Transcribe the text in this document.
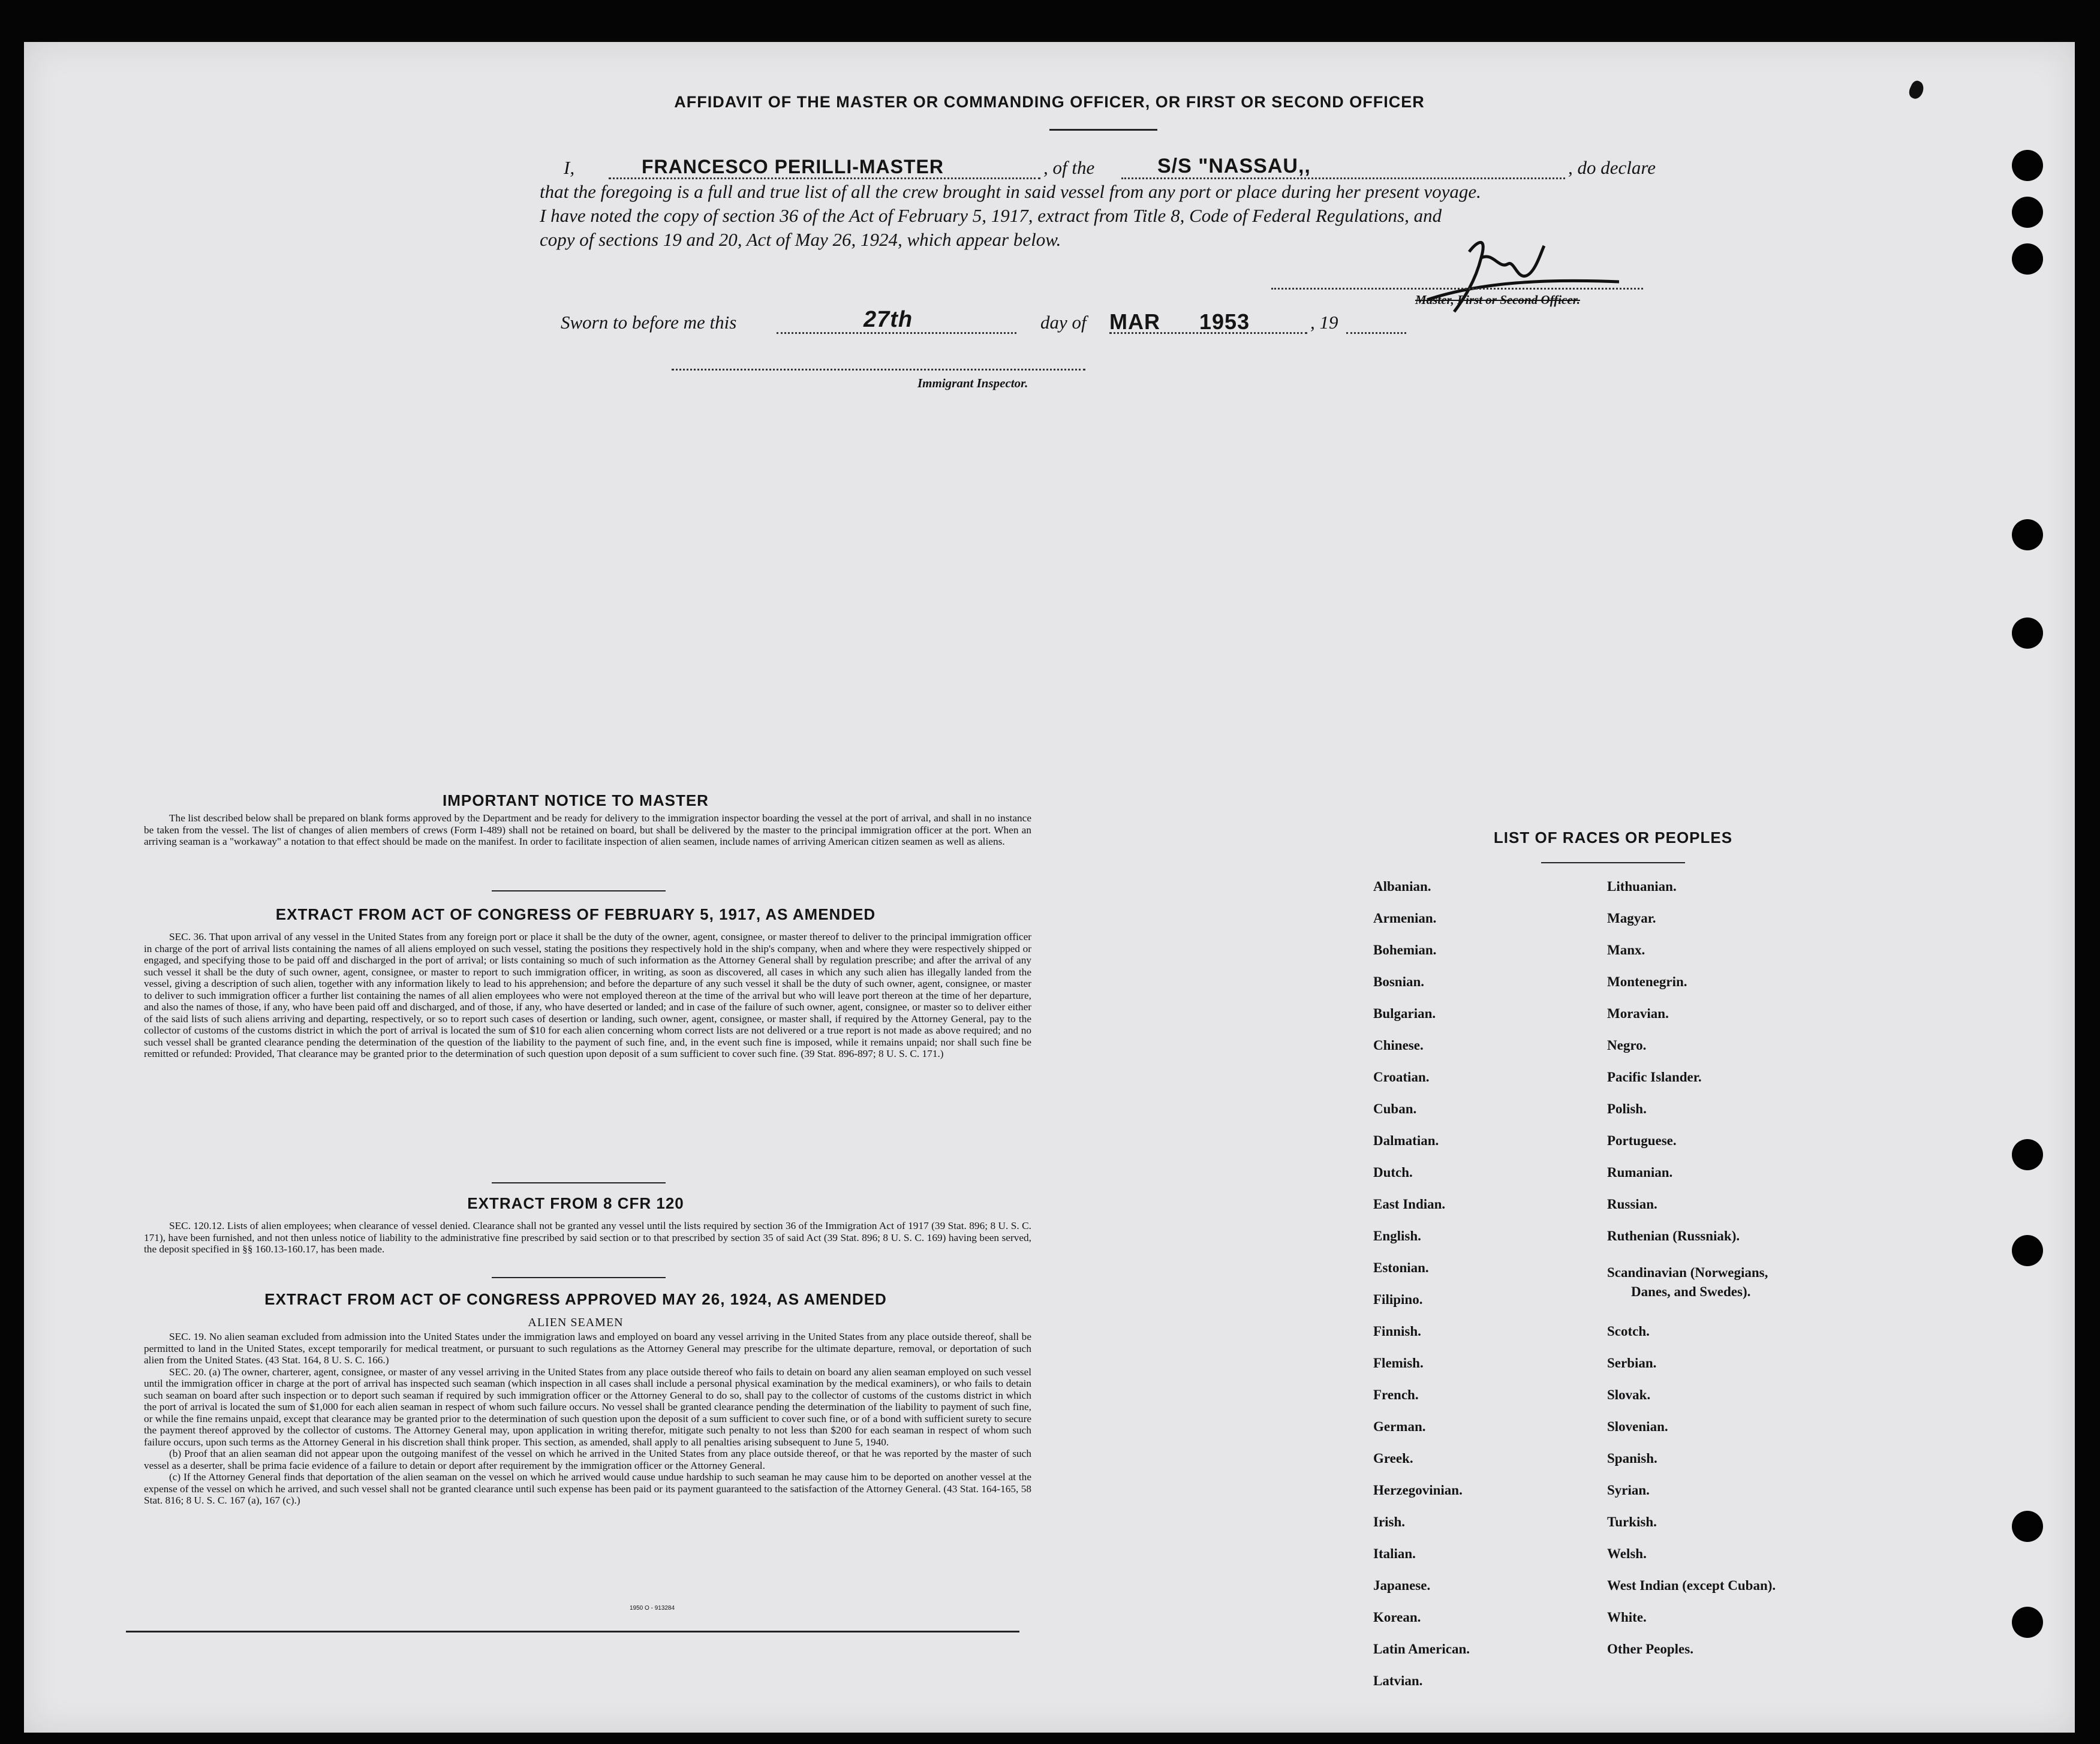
AFFIDAVIT OF THE MASTER OR COMMANDING OFFICER, OR FIRST OR SECOND OFFICER
I,	FRANCESCO PERILLI-MASTER	, of the	S/S "NASSAU,,	, do declare
that the foregoing is a full and true list of all the crew brought in said vessel from any port or place during her present voyage.
I have noted the copy of section 36 of the Act of February 5, 1917, extract from Title 8, Code of Federal Regulations, and
copy of sections 19 and 20, Act of May 26, 1924, which appear below.
Master, First or Second Officer.
Sworn to before me this	27th	day of MAR 1953	, 19
Immigrant Inspector.
IMPORTANT NOTICE TO MASTER

The list described below shall be prepared on blank forms approved by the Department and be ready for delivery to the immigration inspector boarding the vessel at the port of arrival, and shall in no instance be taken from the vessel. The list of changes of alien members of crews (Form I-489) shall not be retained on board, but shall be delivered by the master to the principal immigration officer at the port. When an arriving seaman is a "workaway" a notation to that effect should be made on the manifest. In order to facilitate inspection of alien seamen, include names of arriving American citizen seamen as well as aliens.

EXTRACT FROM ACT OF CONGRESS OF FEBRUARY 5, 1917, AS AMENDED

SEC. 36. That upon arrival of any vessel in the United States from any foreign port or place it shall be the duty of the owner, agent, consignee, or master thereof to deliver to the principal immigration officer in charge of the port of arrival lists containing the names of all aliens employed on such vessel, stating the positions they respectively hold in the ship's company, when and where they were respectively shipped or engaged, and specifying those to be paid off and discharged in the port of arrival; or lists containing so much of such information as the Attorney General shall by regulation prescribe; and after the arrival of any such vessel it shall be the duty of such owner, agent, consignee, or master to report to such immigration officer, in writing, as soon as discovered, all cases in which any such alien has illegally landed from the vessel, giving a description of such alien, together with any information likely to lead to his apprehension; and before the departure of any such vessel it shall be the duty of such owner, agent, consignee, or master to deliver to such immigration officer a further list containing the names of all alien employees who were not employed thereon at the time of the arrival but who will leave port thereon at the time of her departure, and also the names of those, if any, who have been paid off and discharged, and of those, if any, who have deserted or landed; and in case of the failure of such owner, agent, consignee, or master so to deliver either of the said lists of such aliens arriving and departing, respectively, or so to report such cases of desertion or landing, such owner, agent, consignee, or master shall, if required by the Attorney General, pay to the collector of customs of the customs district in which the port of arrival is located the sum of $10 for each alien concerning whom correct lists are not delivered or a true report is not made as above required; and no such vessel shall be granted clearance pending the determination of the question of the liability to the payment of such fine, and, in the event such fine is imposed, while it remains unpaid; nor shall such fine be remitted or refunded: Provided, That clearance may be granted prior to the determination of such question upon deposit of a sum sufficient to cover such fine. (39 Stat. 896-897; 8 U. S. C. 171.)

EXTRACT FROM 8 CFR 120

SEC. 120.12. Lists of alien employees; when clearance of vessel denied. Clearance shall not be granted any vessel until the lists required by section 36 of the Immigration Act of 1917 (39 Stat. 896; 8 U. S. C. 171), have been furnished, and not then unless notice of liability to the administrative fine prescribed by said section or to that prescribed by section 35 of said Act (39 Stat. 896; 8 U. S. C. 169) having been served, the deposit specified in §§ 160.13-160.17, has been made.

EXTRACT FROM ACT OF CONGRESS APPROVED MAY 26, 1924, AS AMENDED
ALIEN SEAMEN

SEC. 19. No alien seaman excluded from admission into the United States under the immigration laws and employed on board any vessel arriving in the United States from any place outside thereof, shall be permitted to land in the United States, except temporarily for medical treatment, or pursuant to such regulations as the Attorney General may prescribe for the ultimate departure, removal, or deportation of such alien from the United States. (43 Stat. 164, 8 U. S. C. 166.)

SEC. 20. (a) The owner, charterer, agent, consignee, or master of any vessel arriving in the United States from any place outside thereof who fails to detain on board any alien seaman employed on such vessel until the immigration officer in charge at the port of arrival has inspected such seaman (which inspection in all cases shall include a personal physical examination by the medical examiners), or who fails to detain such seaman on board after such inspection or to deport such seaman if required by such immigration officer or the Attorney General to do so, shall pay to the collector of customs of the customs district in which the port of arrival is located the sum of $1,000 for each alien seaman in respect of whom such failure occurs. No vessel shall be granted clearance pending the determination of the liability to payment of such fine, or while the fine remains unpaid, except that clearance may be granted prior to the determination of such question upon the deposit of a sum sufficient to cover such fine, or of a bond with sufficient surety to secure the payment thereof approved by the collector of customs. The Attorney General may, upon application in writing therefor, mitigate such penalty to not less than $200 for each seaman in respect of whom such failure occurs, upon such terms as the Attorney General in his discretion shall think proper. This section, as amended, shall apply to all penalties arising subsequent to June 5, 1940.

(b) Proof that an alien seaman did not appear upon the outgoing manifest of the vessel on which he arrived in the United States from any place outside thereof, or that he was reported by the master of such vessel as a deserter, shall be prima facie evidence of a failure to detain or deport after requirement by the immigration officer or the Attorney General.

(c) If the Attorney General finds that deportation of the alien seaman on the vessel on which he arrived would cause undue hardship to such seaman he may cause him to be deported on another vessel at the expense of the vessel on which he arrived, and such vessel shall not be granted clearance until such expense has been paid or its payment guaranteed to the satisfaction of the Attorney General. (43 Stat. 164-165, 58 Stat. 816; 8 U. S. C. 167 (a), 167 (c).)

1950 O - 913284
LIST OF RACES OR PEOPLES
Albanian.
Armenian.
Bohemian.
Bosnian.
Bulgarian.
Chinese.
Croatian.
Cuban.
Dalmatian.
Dutch.
East Indian.
English.
Estonian.
Filipino.
Finnish.
Flemish.
French.
German.
Greek.
Herzegovinian.
Irish.
Italian.
Japanese.
Korean.
Latin American.
Latvian.
Lithuanian.
Magyar.
Manx.
Montenegrin.
Moravian.
Negro.
Pacific Islander.
Polish.
Portuguese.
Rumanian.
Russian.
Ruthenian (Russniak).
Scandinavian (Norwegians,
Danes, and Swedes).
Scotch.
Serbian.
Slovak.
Slovenian.
Spanish.
Syrian.
Turkish.
Welsh.
West Indian (except Cuban).
White.
Other Peoples.
